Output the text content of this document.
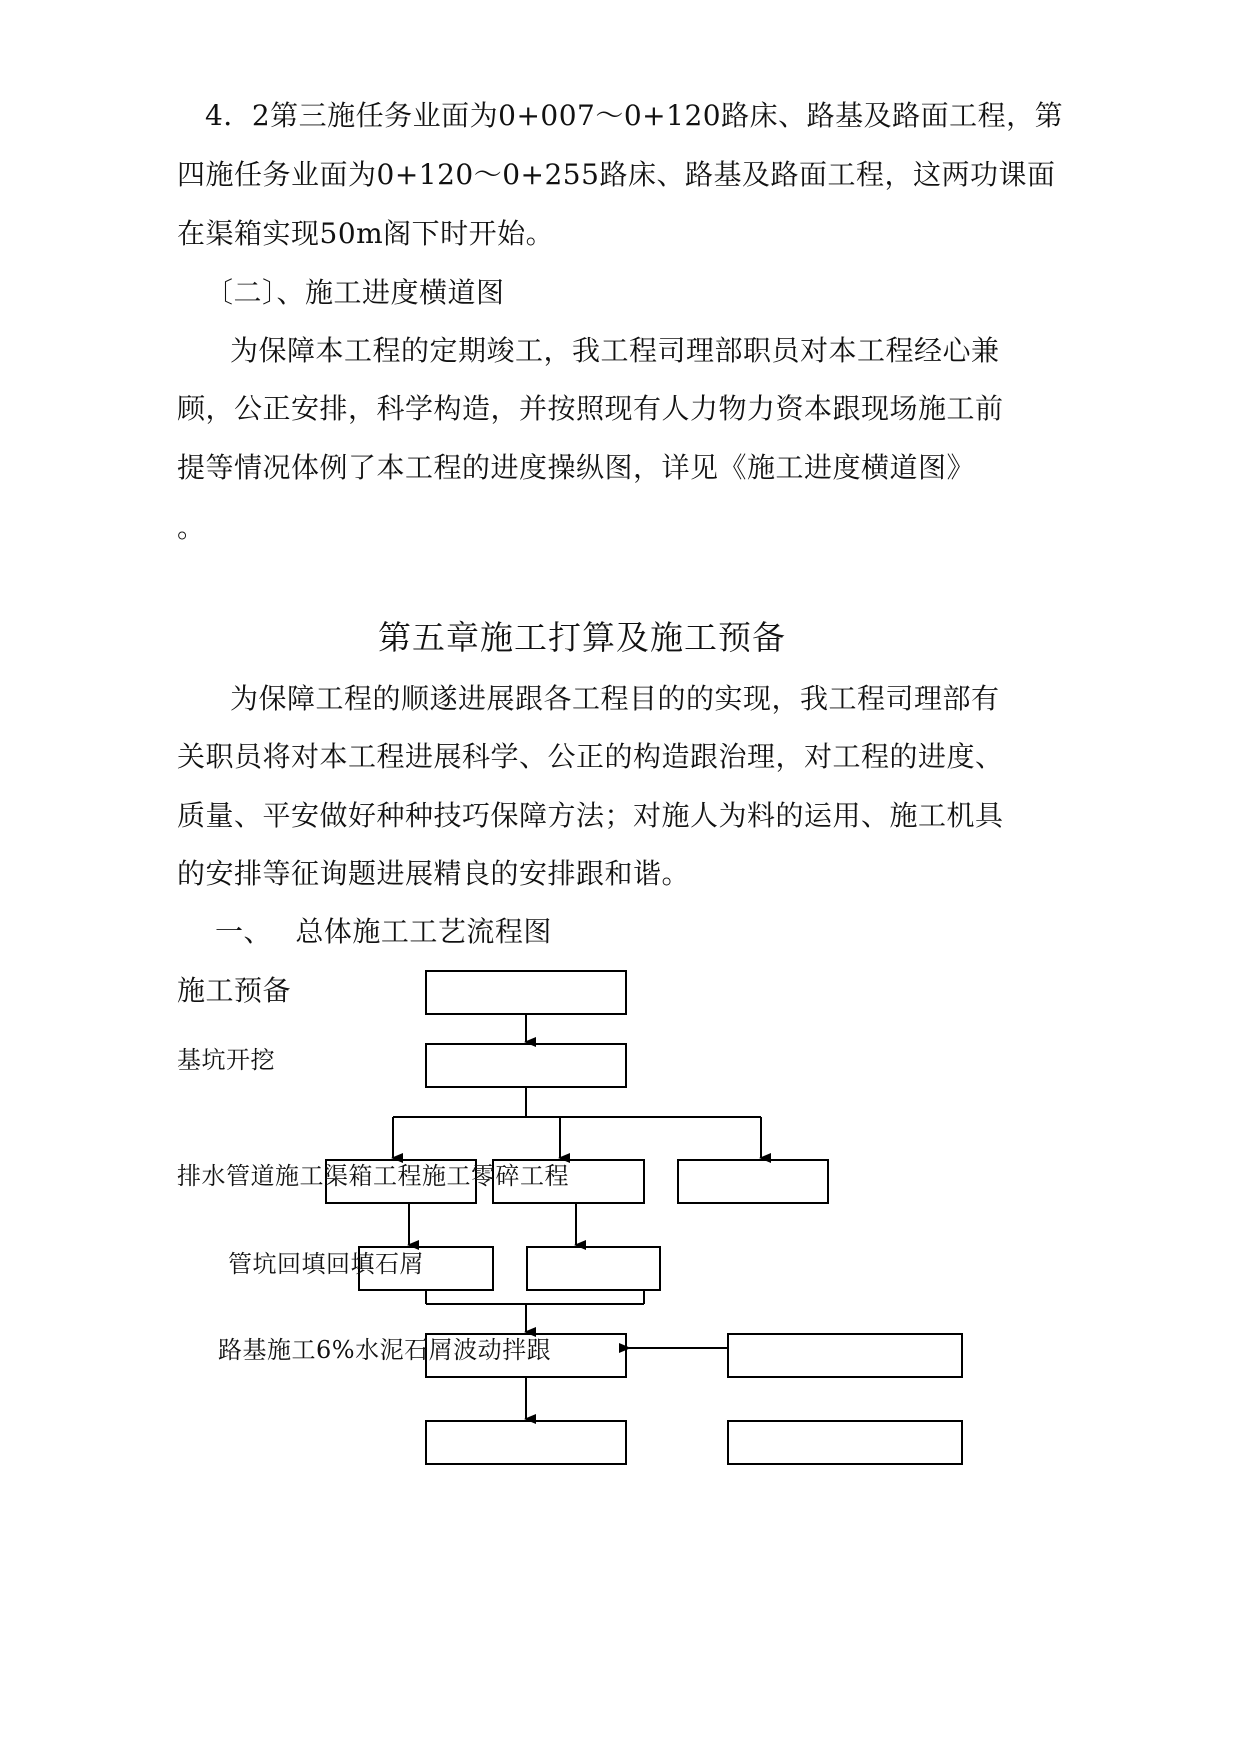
4．2第三施任务业面为0+007～0+120路床、路基及路面工程，第
四施任务业面为0+120～0+255路床、路基及路面工程，这两功课面
在渠箱实现50m阁下时开始。
〔二〕、施工进度横道图
为保障本工程的定期竣工，我工程司理部职员对本工程经心兼
顾，公正安排，科学构造，并按照现有人力物力资本跟现场施工前
提等情况体例了本工程的进度操纵图，详见《施工进度横道图》
。
第五章施工打算及施工预备
为保障工程的顺遂进展跟各工程目的的实现，我工程司理部有
关职员将对本工程进展科学、公正的构造跟治理，对工程的进度、
质量、平安做好种种技巧保障方法；对施人为料的运用、施工机具
的安排等征询题进展精良的安排跟和谐。
一、 总体施工工艺流程图
施工预备
基坑开挖
排水管道施工渠箱工程施工零碎工程
管坑回填回填石屑
路基施工6%水泥石屑波动拌跟
